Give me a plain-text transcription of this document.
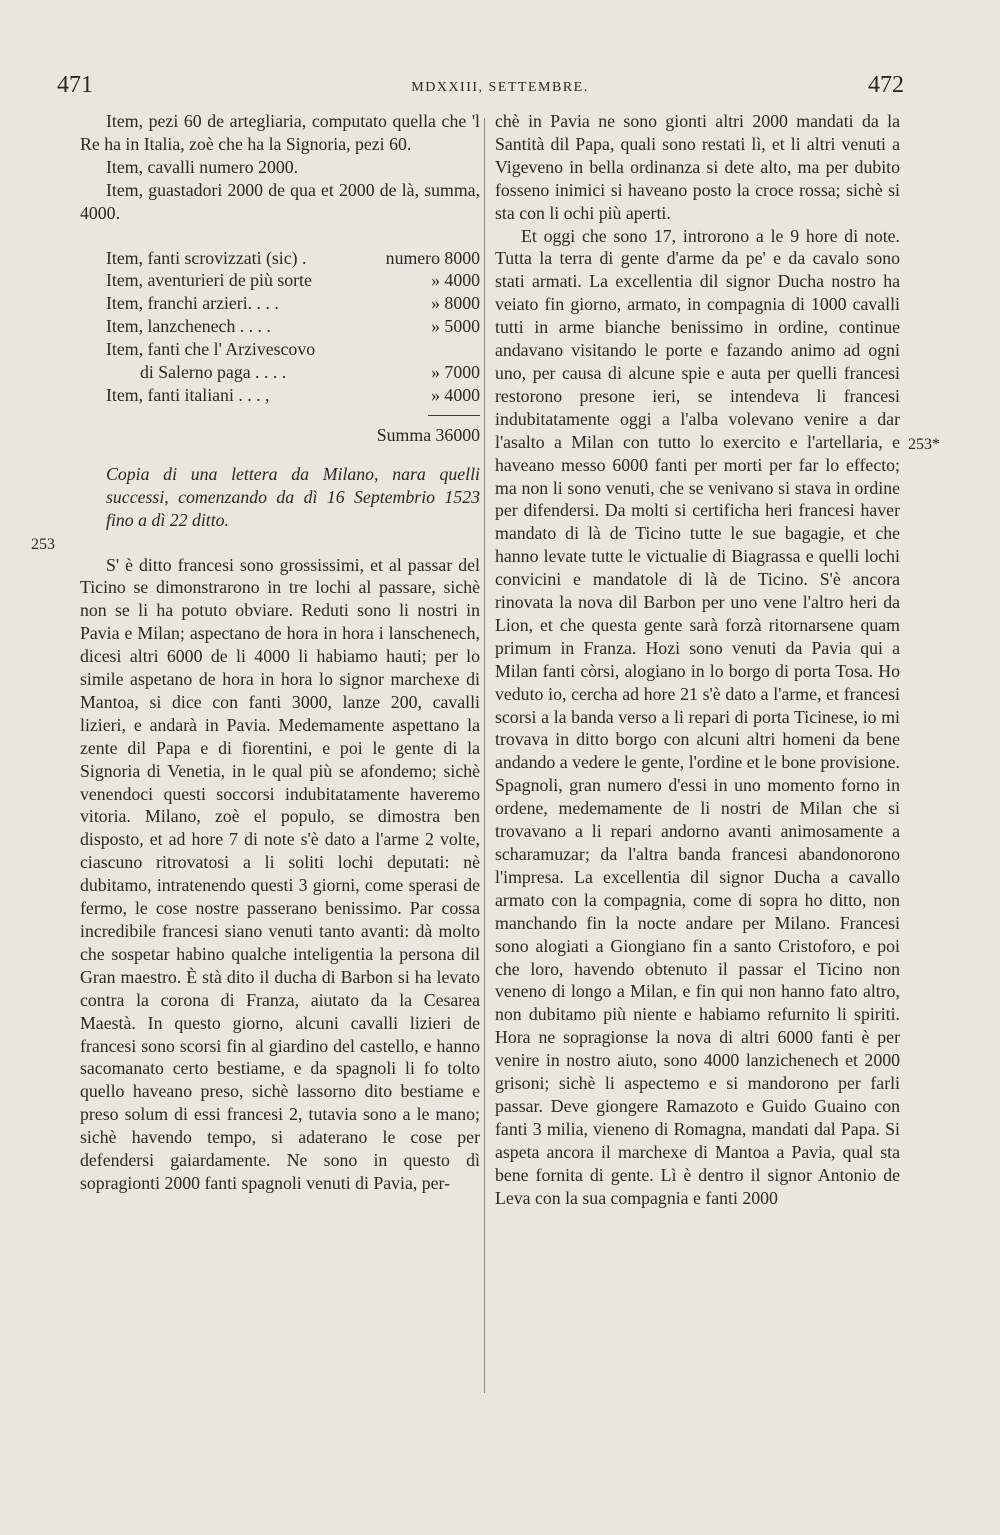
471	MDXXIII, SETTEMBRE.	472
253
253*

Item, pezi 60 de artegliaria, computato quella che 'l Re ha in Italia, zoè che ha la Signoria, pezi 60.

Item, cavalli numero 2000.

Item, guastadori 2000 de qua et 2000 de là, summa, 4000.

Item, fanti scrovizzati (sic) .	numero 8000
Item, aventurieri de più sorte	» 4000
Item, franchi arzieri. . . .	» 8000
Item, lanzchenech . . . .	» 5000
Item, fanti che l' Arzivescovo
di Salerno paga . . . .	» 7000
Item, fanti italiani . . . ,	» 4000
Summa 36000

Copia di una lettera da Milano, nara quelli successi, comenzando da dì 16 Septembrio 1523 fino a dì 22 ditto.

S' è ditto francesi sono grossissimi, et al passar del Ticino se dimonstrarono in tre lochi al passare, sichè non se li ha potuto obviare. Reduti sono li nostri in Pavia e Milan; aspectano de hora in hora i lanschenech, dicesi altri 6000 de li 4000 li habiamo hauti; per lo simile aspetano de hora in hora lo signor marchexe di Mantoa, si dice con fanti 3000, lanze 200, cavalli lizieri, e andarà in Pavia. Medemamente aspettano la zente dil Papa e di fiorentini, e poi le gente di la Signoria di Venetia, in le qual più se afondemo; sichè venendoci questi soccorsi indubitatamente haveremo vitoria. Milano, zoè el populo, se dimostra ben disposto, et ad hore 7 di note s'è dato a l'arme 2 volte, ciascuno ritrovatosi a li soliti lochi deputati: nè dubitamo, intratenendo questi 3 giorni, come sperasi de fermo, le cose nostre passerano benissimo. Par cossa incredibile francesi siano venuti tanto avanti: dà molto che sospetar habino qualche inteligentia la persona dil Gran maestro. È stà dito il ducha di Barbon si ha levato contra la corona di Franza, aiutato da la Cesarea Maestà. In questo giorno, alcuni cavalli lizieri de francesi sono scorsi fin al giardino del castello, e hanno sacomanato certo bestiame, e da spagnoli li fo tolto quello haveano preso, sichè lassorno dito bestiame e preso solum di essi francesi 2, tutavia sono a le mano; sichè havendo tempo, si adaterano le cose per defendersi gaiardamente. Ne sono in questo dì sopragionti 2000 fanti spagnoli venuti di Pavia, per-

chè in Pavia ne sono gionti altri 2000 mandati da la Santità dil Papa, quali sono restati lì, et li altri venuti a Vigeveno in bella ordinanza si dete alto, ma per dubito fosseno inimici si haveano posto la croce rossa; sichè si sta con li ochi più aperti.

Et oggi che sono 17, introrono a le 9 hore di note. Tutta la terra di gente d'arme da pe' e da cavalo sono stati armati. La excellentia dil signor Ducha nostro ha veiato fin giorno, armato, in compagnia di 1000 cavalli tutti in arme bianche benissimo in ordine, continue andavano visitando le porte e fazando animo ad ogni uno, per causa di alcune spie e auta per quelli francesi restorono presone ieri, se intendeva li francesi indubitatamente oggi a l'alba volevano venire a dar l'asalto a Milan con tutto lo exercito e l'artellaria, e haveano messo 6000 fanti per morti per far lo effecto; ma non li sono venuti, che se venivano si stava in ordine per difendersi. Da molti si certificha heri francesi haver mandato di là de Ticino tutte le sue bagagie, et che hanno levate tutte le victualie di Biagrassa e quelli lochi convicini e mandatole di là de Ticino. S'è ancora rinovata la nova dil Barbon per uno vene l'altro heri da Lion, et che questa gente sarà forzà ritornarsene quam primum in Franza. Hozi sono venuti da Pavia qui a Milan fanti còrsi, alogiano in lo borgo di porta Tosa. Ho veduto io, cercha ad hore 21 s'è dato a l'arme, et francesi scorsi a la banda verso a li repari di porta Ticinese, io mi trovava in ditto borgo con alcuni altri homeni da bene andando a vedere le gente, l'ordine et le bone provisione. Spagnoli, gran numero d'essi in uno momento forno in ordene, medemamente de li nostri de Milan che si trovavano a li repari andorno avanti animosamente a scharamuzar; da l'altra banda francesi abandonorono l'impresa. La excellentia dil signor Ducha a cavallo armato con la compagnia, come di sopra ho ditto, non manchando fin la nocte andare per Milano. Francesi sono alogiati a Giongiano fin a santo Cristoforo, e poi che loro, havendo obtenuto il passar el Ticino non veneno di longo a Milan, e fin qui non hanno fato altro, non dubitamo più niente e habiamo refurnito li spiriti. Hora ne sopragionse la nova di altri 6000 fanti è per venire in nostro aiuto, sono 4000 lanzichenech et 2000 grisoni; sichè li aspectemo e si mandorono per farli passar. Deve giongere Ramazoto e Guido Guaino con fanti 3 milia, vieneno di Romagna, mandati dal Papa. Si aspeta ancora il marchexe di Mantoa a Pavia, qual sta bene fornita di gente. Lì è dentro il signor Antonio de Leva con la sua compagnia e fanti 2000
